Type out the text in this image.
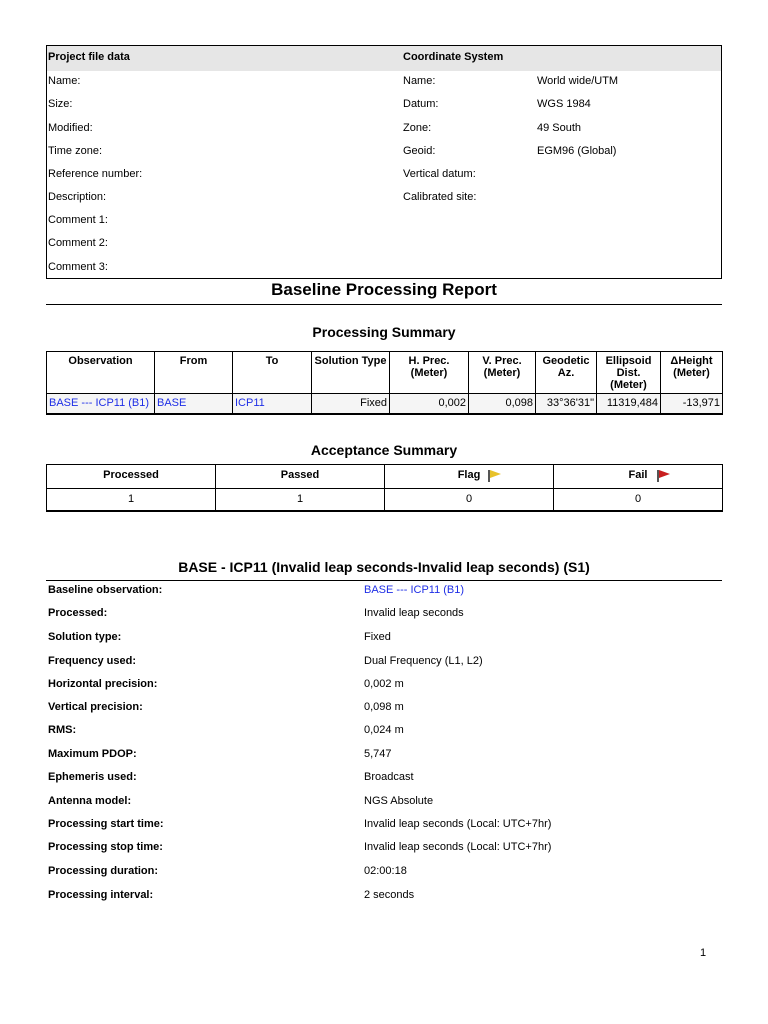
Project file data	Coordinate System
Name:	Name:	World wide/UTM
Size:	Datum:	WGS 1984
Modified:	Zone:	49 South
Time zone:	Geoid:	EGM96 (Global)
Reference number:	Vertical datum:
Description:	Calibrated site:
Comment 1:
Comment 2:
Comment 3:
Baseline Processing Report
Processing Summary
Observation	From	To	Solution Type	H. Prec. (Meter)	V. Prec. (Meter)	Geodetic Az.	Ellipsoid Dist. (Meter)	ΔHeight (Meter)
BASE --- ICP11 (B1)	BASE	ICP11	Fixed	0,002	0,098	33°36'31"	11319,484	-13,971
Acceptance Summary
Processed	Passed	Flag	Fail

1	1	0	0
BASE - ICP11 (Invalid leap seconds-Invalid leap seconds) (S1)
Baseline observation:	BASE --- ICP11 (B1)
Processed:	Invalid leap seconds
Solution type:	Fixed
Frequency used:	Dual Frequency (L1, L2)
Horizontal precision:	0,002 m
Vertical precision:	0,098 m
RMS:	0,024 m
Maximum PDOP:	5,747
Ephemeris used:	Broadcast
Antenna model:	NGS Absolute
Processing start time:	Invalid leap seconds (Local: UTC+7hr)
Processing stop time:	Invalid leap seconds (Local: UTC+7hr)
Processing duration:	02:00:18
Processing interval:	2 seconds
1
